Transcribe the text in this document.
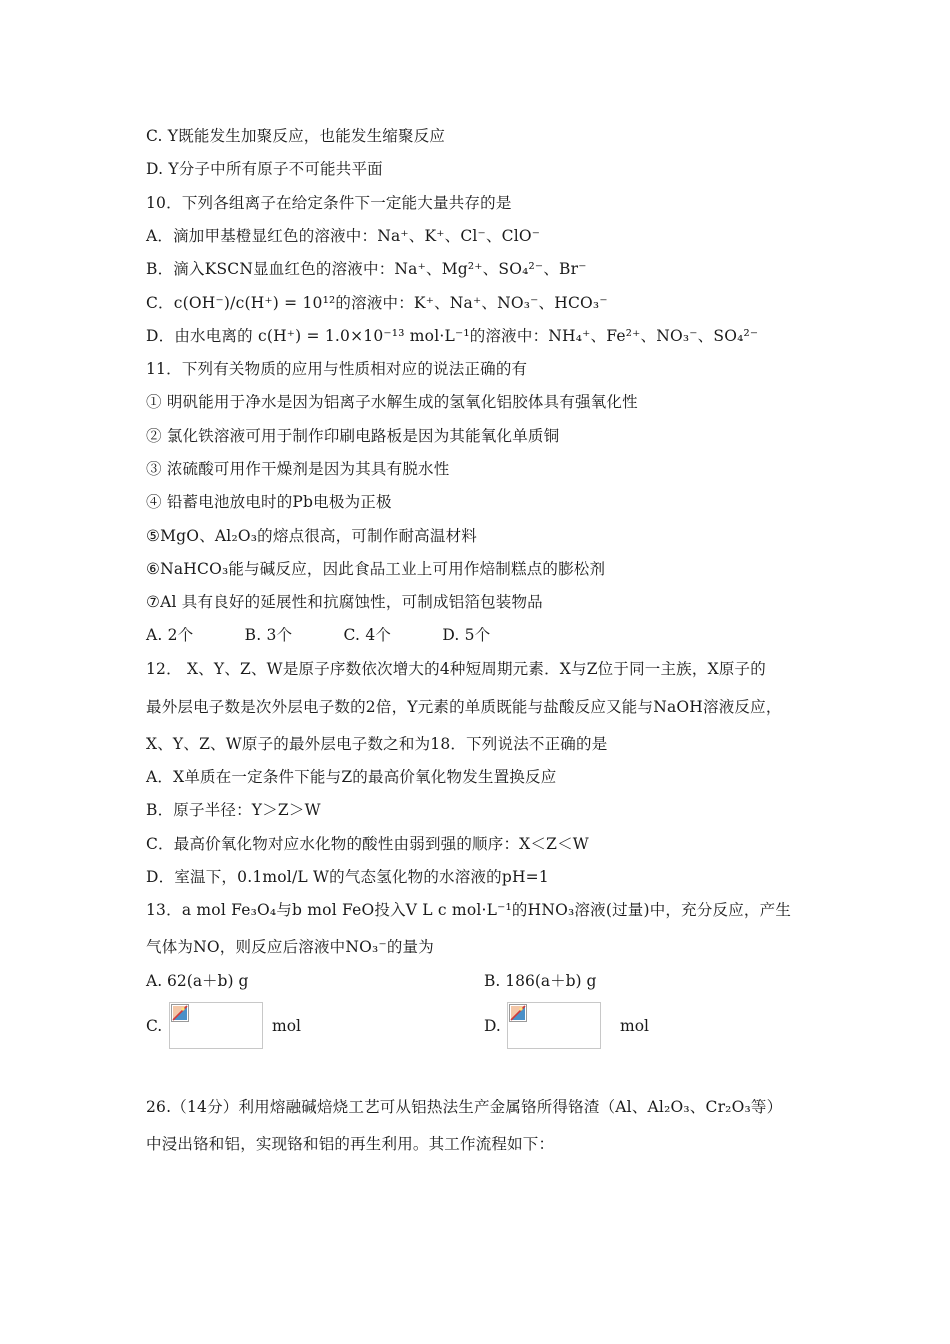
C. Y既能发生加聚反应，也能发生缩聚反应
D. Y分子中所有原子不可能共平面
10．下列各组离子在给定条件下一定能大量共存的是
A．滴加甲基橙显红色的溶液中：Na⁺、K⁺、Cl⁻、ClO⁻
B．滴入KSCN显血红色的溶液中：Na⁺、Mg²⁺、SO₄²⁻、Br⁻
C．c(OH⁻)/c(H⁺) = 10¹²的溶液中：K⁺、Na⁺、NO₃⁻、HCO₃⁻
D．由水电离的 c(H⁺) = 1.0×10⁻¹³ mol·L⁻¹的溶液中：NH₄⁺、Fe²⁺、NO₃⁻、SO₄²⁻
11．下列有关物质的应用与性质相对应的说法正确的有
① 明矾能用于净水是因为铝离子水解生成的氢氧化铝胶体具有强氧化性
② 氯化铁溶液可用于制作印刷电路板是因为其能氧化单质铜
③ 浓硫酸可用作干燥剂是因为其具有脱水性
④ 铅蓄电池放电时的Pb电极为正极
⑤MgO、Al₂O₃的熔点很高，可制作耐高温材料
⑥NaHCO₃能与碱反应，因此食品工业上可用作焙制糕点的膨松剂
⑦Al 具有良好的延展性和抗腐蚀性，可制成铝箔包装物品
A. 2个          B. 3个          C. 4个          D. 5个
12． X、Y、Z、W是原子序数依次增大的4种短周期元素．X与Z位于同一主族，X原子的
最外层电子数是次外层电子数的2倍，Y元素的单质既能与盐酸反应又能与NaOH溶液反应，
X、Y、Z、W原子的最外层电子数之和为18．下列说法不正确的是
A．X单质在一定条件下能与Z的最高价氧化物发生置换反应
B．原子半径：Y＞Z＞W
C．最高价氧化物对应水化物的酸性由弱到强的顺序：X＜Z＜W
D．室温下，0.1mol/L W的气态氢化物的水溶液的pH=1
13．a mol Fe₃O₄与b mol FeO投入V L c mol·L⁻¹的HNO₃溶液(过量)中，充分反应，产生
气体为NO，则反应后溶液中NO₃⁻的量为
A. 62(a＋b) g	B. 186(a＋b) g
C.	mol	D.	mol
26.（14分）利用熔融碱焙烧工艺可从铝热法生产金属铬所得铬渣（Al、Al₂O₃、Cr₂O₃等）
中浸出铬和铝，实现铬和铝的再生利用。其工作流程如下：
